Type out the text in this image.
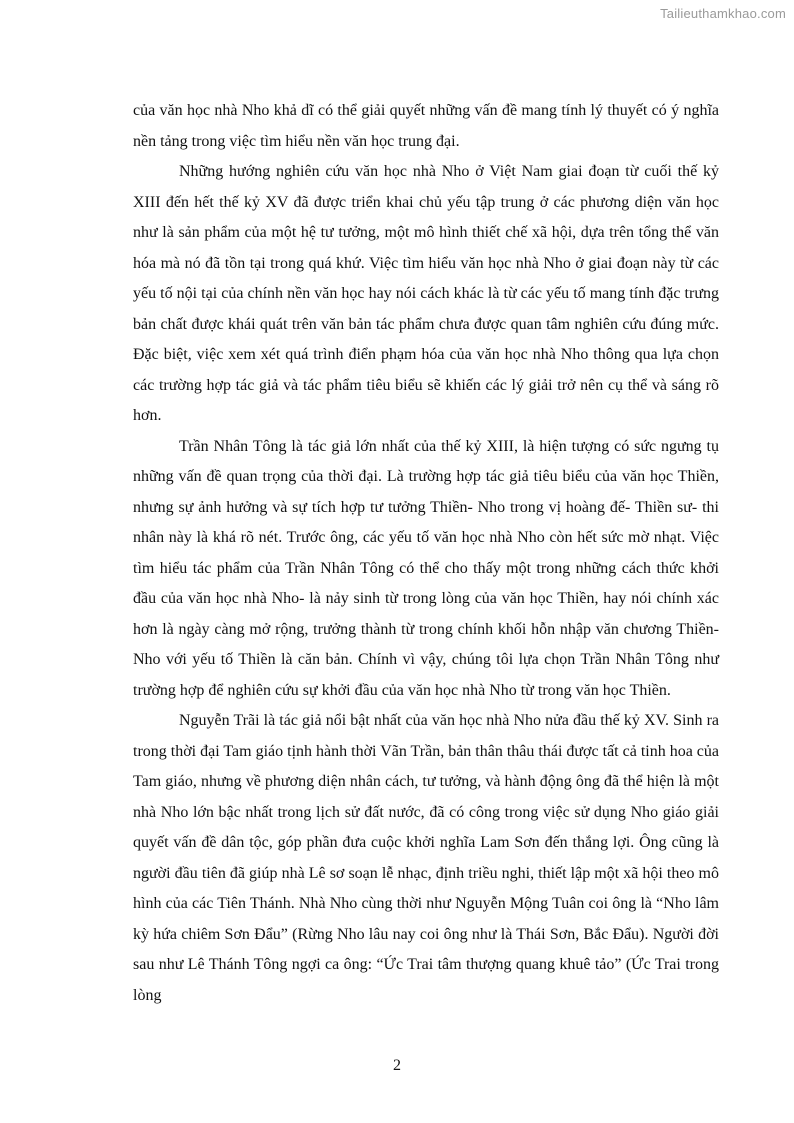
Tailieuthamkhao.com

của văn học nhà Nho khả dĩ có thể giải quyết những vấn đề mang tính lý thuyết có ý nghĩa nền tảng trong việc tìm hiểu nền văn học trung đại.

Những hướng nghiên cứu văn học nhà Nho ở Việt Nam giai đoạn từ cuối thế kỷ XIII đến hết thế kỷ XV đã được triển khai chủ yếu tập trung ở các phương diện văn học như là sản phẩm của một hệ tư tưởng, một mô hình thiết chế xã hội, dựa trên tổng thể văn hóa mà nó đã tồn tại trong quá khứ. Việc tìm hiểu văn học nhà Nho ở giai đoạn này từ các yếu tố nội tại của chính nền văn học hay nói cách khác là từ các yếu tố mang tính đặc trưng bản chất được khái quát trên văn bản tác phẩm chưa được quan tâm nghiên cứu đúng mức. Đặc biệt, việc xem xét quá trình điển phạm hóa của văn học nhà Nho thông qua lựa chọn các trường hợp tác giả và tác phẩm tiêu biểu sẽ khiến các lý giải trở nên cụ thể và sáng rõ hơn.

Trần Nhân Tông là tác giả lớn nhất của thế kỷ XIII, là hiện tượng có sức ngưng tụ những vấn đề quan trọng của thời đại. Là trường hợp tác giả tiêu biểu của văn học Thiền, nhưng sự ảnh hưởng và sự tích hợp tư tưởng Thiền- Nho trong vị hoàng đế- Thiền sư- thi nhân này là khá rõ nét. Trước ông, các yếu tố văn học nhà Nho còn hết sức mờ nhạt. Việc tìm hiểu tác phẩm của Trần Nhân Tông có thể cho thấy một trong những cách thức khởi đầu của văn học nhà Nho- là nảy sinh từ trong lòng của văn học Thiền, hay nói chính xác hơn là ngày càng mở rộng, trưởng thành từ trong chính khối hỗn nhập văn chương Thiền- Nho với yếu tố Thiền là căn bản. Chính vì vậy, chúng tôi lựa chọn Trần Nhân Tông như trường hợp để nghiên cứu sự khởi đầu của văn học nhà Nho từ trong văn học Thiền.

Nguyễn Trãi là tác giả nổi bật nhất của văn học nhà Nho nửa đầu thế kỷ XV. Sinh ra trong thời đại Tam giáo tịnh hành thời Vãn Trần, bản thân thâu thái được tất cả tinh hoa của Tam giáo, nhưng về phương diện nhân cách, tư tưởng, và hành động ông đã thể hiện là một nhà Nho lớn bậc nhất trong lịch sử đất nước, đã có công trong việc sử dụng Nho giáo giải quyết vấn đề dân tộc, góp phần đưa cuộc khởi nghĩa Lam Sơn đến thắng lợi. Ông cũng là người đầu tiên đã giúp nhà Lê sơ soạn lễ nhạc, định triều nghi, thiết lập một xã hội theo mô hình của các Tiên Thánh. Nhà Nho cùng thời như Nguyễn Mộng Tuân coi ông là “Nho lâm kỳ hứa chiêm Sơn Đẩu” (Rừng Nho lâu nay coi ông như là Thái Sơn, Bắc Đẩu). Người đời sau như Lê Thánh Tông ngợi ca ông: “Ức Trai tâm thượng quang khuê tảo” (Ức Trai trong lòng

2
